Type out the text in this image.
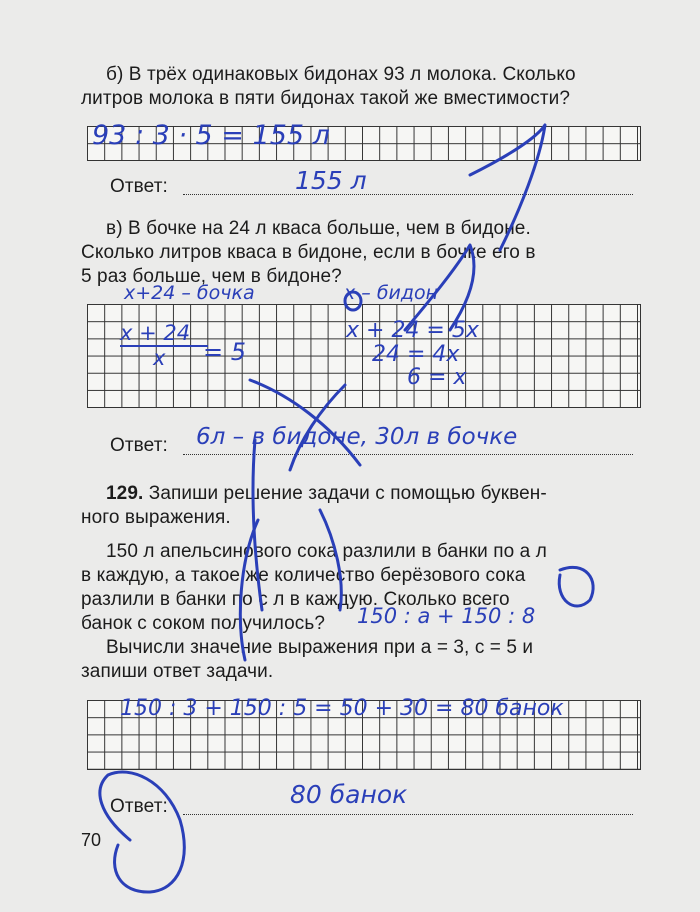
б) В трёх одинаковых бидонах 93 л молока. Сколько
литров молока в пяти бидонах такой же вместимости?
93 : 3 · 5 = 155 л
Ответ:	155 л
в) В бочке на 24 л кваса больше, чем в бидоне.
Сколько литров кваса в бидоне, если в бочке его в
5 раз больше, чем в бидоне?
x+24 – бочка	x – бидон
x + 24
x = 5
x + 24 = 5x
24 = 4x
6 = x
Ответ: 6л – в бидоне, 30л в бочке
129. Запиши решение задачи с помощью буквен-
ного выражения.
150 л апельсинового сока разлили в банки по a л
в каждую, а такое же количество берёзового сока
разлили в банки по c л в каждую. Сколько всего
банок с соком получилось? 150 : a + 150 : 8
Вычисли значение выражения при a = 3, c = 5 и
запиши ответ задачи.
150 : 3 + 150 : 5 = 50 + 30 = 80 банок
Ответ:	80 банок
70
